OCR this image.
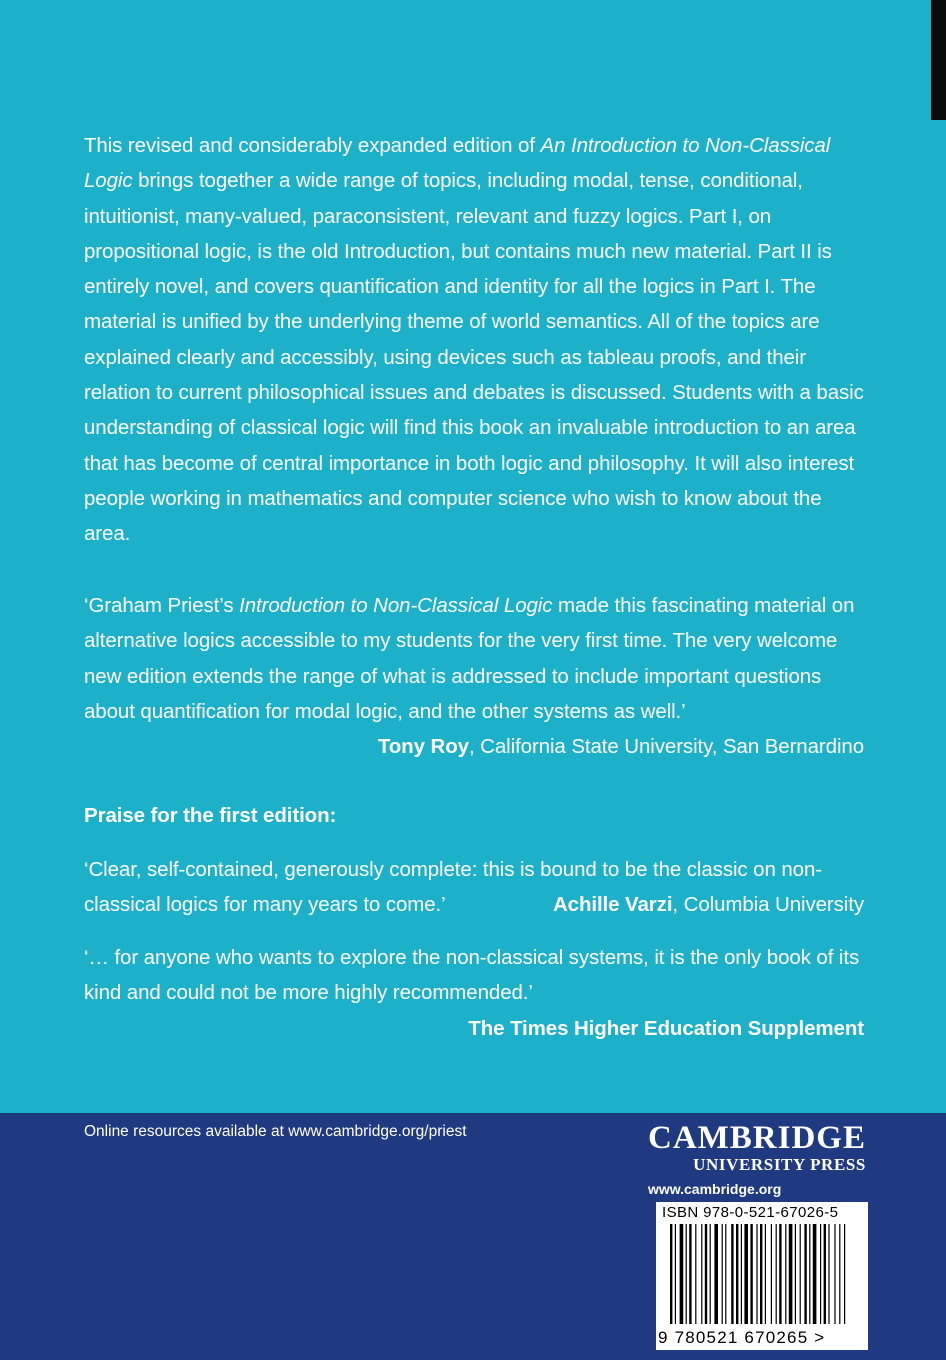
This revised and considerably expanded edition of An Introduction to Non-Classical Logic brings together a wide range of topics, including modal, tense, conditional, intuitionist, many-valued, paraconsistent, relevant and fuzzy logics. Part I, on propositional logic, is the old Introduction, but contains much new material. Part II is entirely novel, and covers quantification and identity for all the logics in Part I. The material is unified by the underlying theme of world semantics. All of the topics are explained clearly and accessibly, using devices such as tableau proofs, and their relation to current philosophical issues and debates is discussed. Students with a basic understanding of classical logic will find this book an invaluable introduction to an area that has become of central importance in both logic and philosophy. It will also interest people working in mathematics and computer science who wish to know about the area.

‘Graham Priest’s Introduction to Non-Classical Logic made this fascinating material on alternative logics accessible to my students for the very first time. The very welcome new edition extends the range of what is addressed to include important questions about quantification for modal logic, and the other systems as well.’

Tony Roy, California State University, San Bernardino
Praise for the first edition:
‘Clear, self-contained, generously complete: this is bound to be the classic on non-
classical logics for many years to come.’	Achille Varzi, Columbia University
‘… for anyone who wants to explore the non-classical systems, it is the only book of its kind and could not be more highly recommended.’
The Times Higher Education Supplement
Online resources available at www.cambridge.org/priest	CAMBRIDGE
UNIVERSITY PRESS
www.cambridge.org
ISBN 978-0-521-67026-5
9 780521 670265 >
